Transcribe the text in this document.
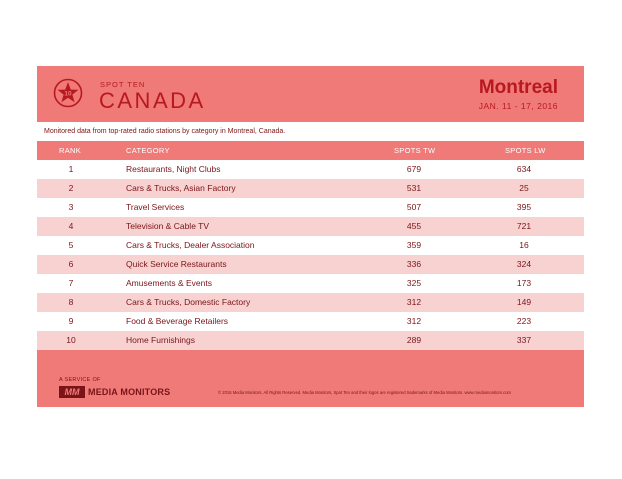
10
SPOT TEN
CANADA
Montreal
JAN. 11 - 17, 2016
Monitored data from top-rated radio stations by category in Montreal, Canada.
RANK	CATEGORY	SPOTS TW	SPOTS LW
1	Restaurants, Night Clubs	679	634
2	Cars & Trucks, Asian Factory	531	25
3	Travel Services	507	395
4	Television & Cable TV	455	721
5	Cars & Trucks, Dealer Association	359	16
6	Quick Service Restaurants	336	324
7	Amusements & Events	325	173
8	Cars & Trucks, Domestic Factory	312	149
9	Food & Beverage Retailers	312	223
10	Home Furnishings	289	337
A SERVICE OF
MM MEDIA MONITORS	© 2016 Media Monitors. All Rights Reserved. Media Monitors, Spot Ten and their logos are registered trademarks of Media Monitors. www.mediamonitors.com
